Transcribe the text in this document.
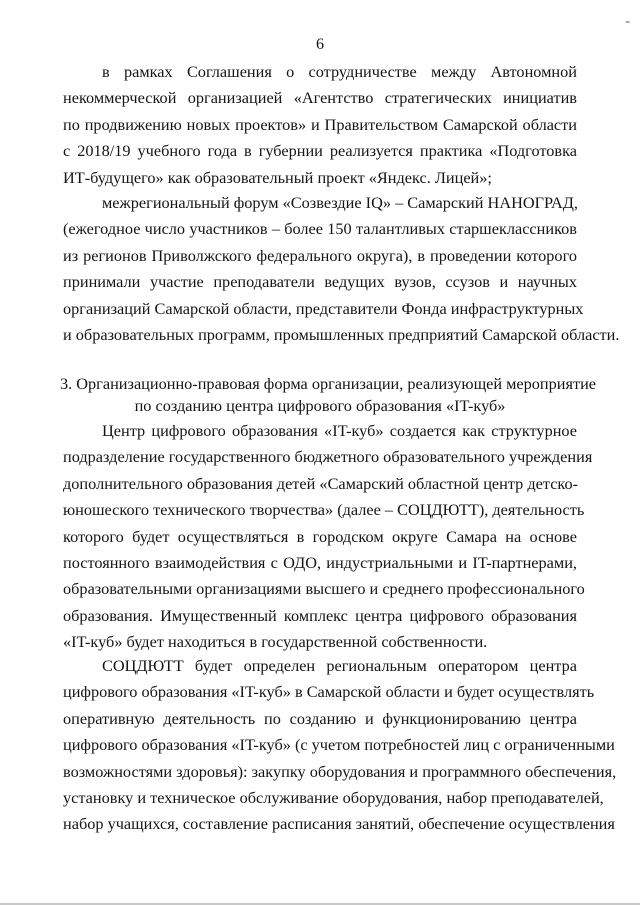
-
6
в рамках Соглашения о сотрудничестве между Автономной
некоммерческой организацией «Агентство стратегических инициатив
по продвижению новых проектов» и Правительством Самарской области
с 2018/19 учебного года в губернии реализуется практика «Подготовка
ИТ-будущего» как образовательный проект «Яндекс. Лицей»;
межрегиональный форум «Созвездие IQ» – Самарский НАНОГРАД,
(ежегодное число участников – более 150 талантливых старшеклассников
из регионов Приволжского федерального округа), в проведении которого
принимали участие преподаватели ведущих вузов, ссузов и научных
организаций Самарской области, представители Фонда инфраструктурных
и образовательных программ, промышленных предприятий Самарской области.
3. Организационно-правовая форма организации, реализующей мероприятие
по созданию центра цифрового образования «IT-куб»
Центр цифрового образования «IT-куб» создается как структурное
подразделение государственного бюджетного образовательного учреждения
дополнительного образования детей «Самарский областной центр детско-
юношеского технического творчества» (далее – СОЦДЮТТ), деятельность
которого будет осуществляться в городском округе Самара на основе
постоянного взаимодействия с ОДО, индустриальными и IT-партнерами,
образовательными организациями высшего и среднего профессионального
образования. Имущественный комплекс центра цифрового образования
«IT-куб» будет находиться в государственной собственности.
СОЦДЮТТ будет определен региональным оператором центра
цифрового образования «IT-куб» в Самарской области и будет осуществлять
оперативную деятельность по созданию и функционированию центра
цифрового образования «IT-куб» (с учетом потребностей лиц с ограниченными
возможностями здоровья): закупку оборудования и программного обеспечения,
установку и техническое обслуживание оборудования, набор преподавателей,
набор учащихся, составление расписания занятий, обеспечение осуществления
